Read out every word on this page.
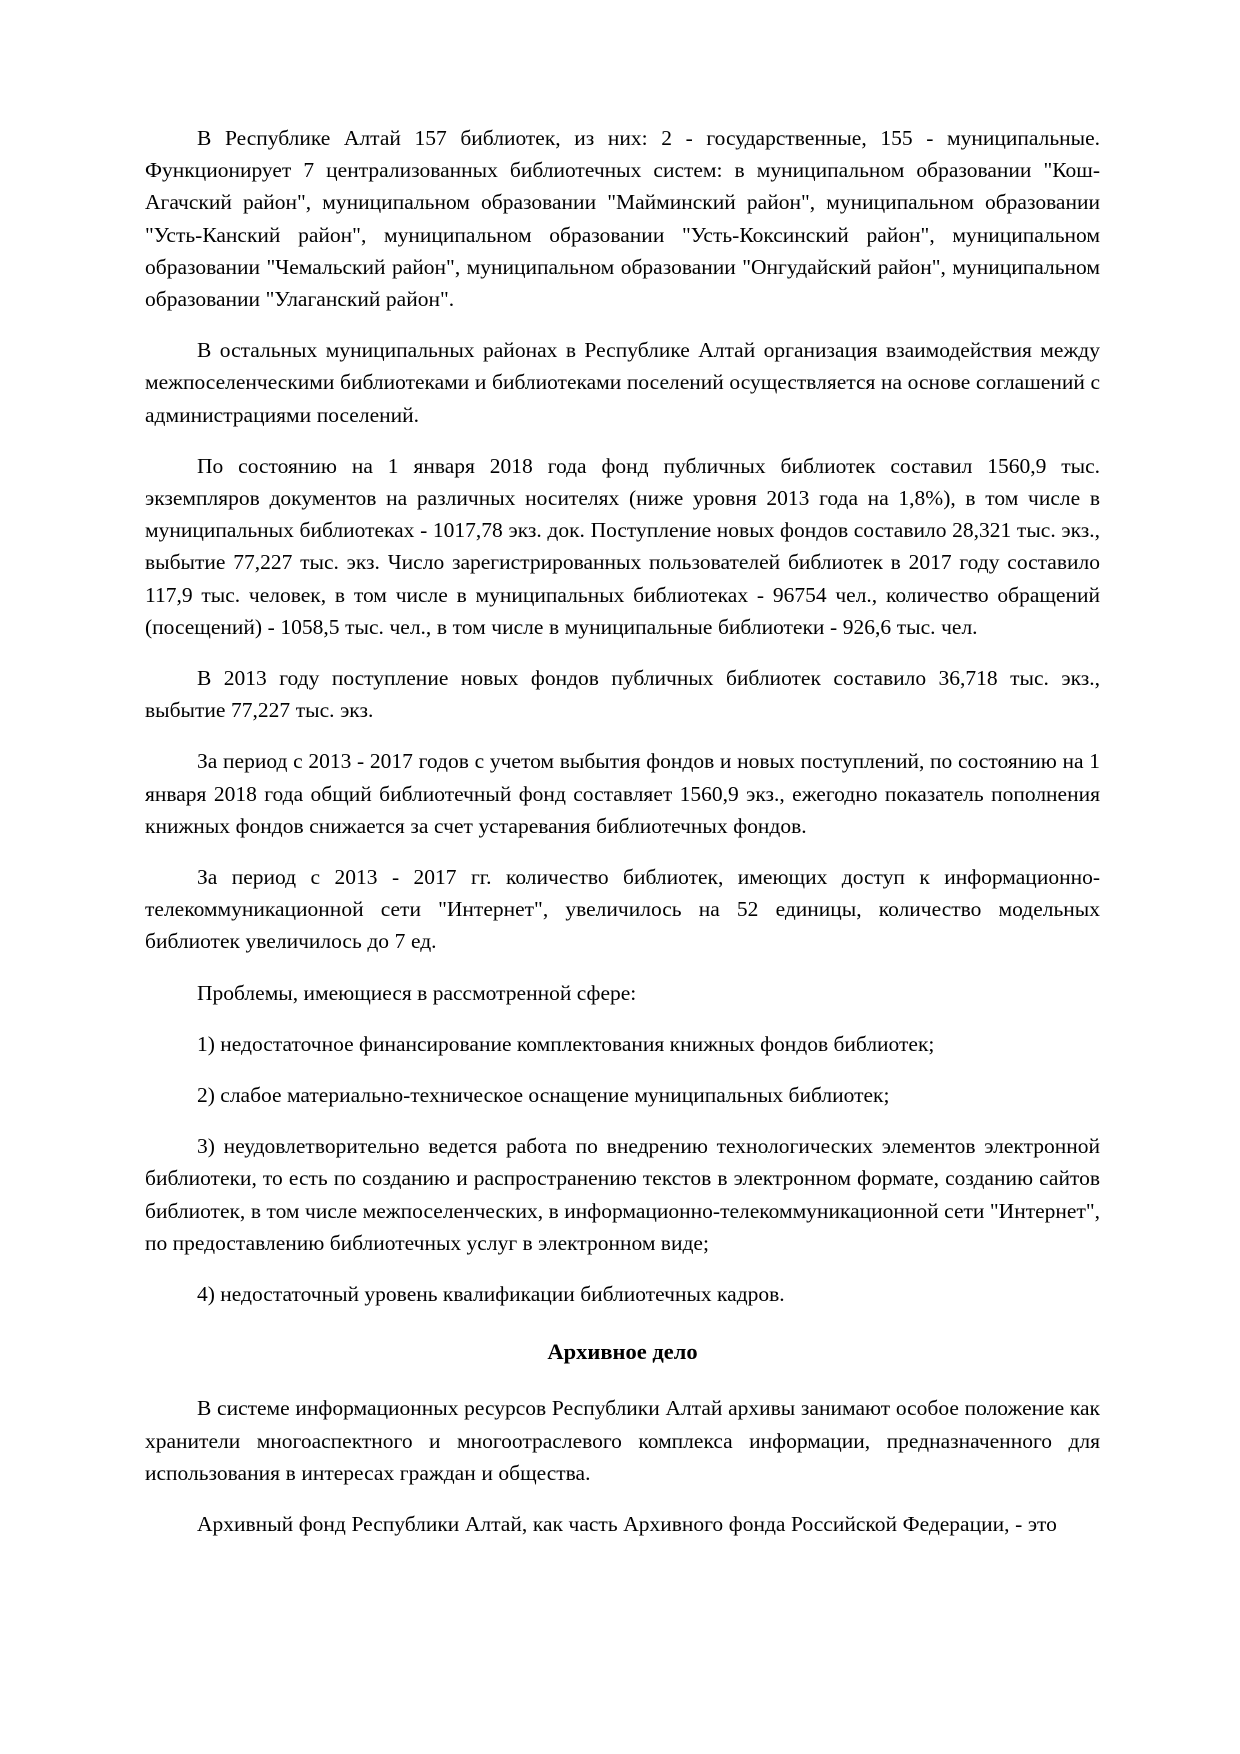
В Республике Алтай 157 библиотек, из них: 2 - государственные, 155 - муниципальные. Функционирует 7 централизованных библиотечных систем: в муниципальном образовании "Кош-Агачский район", муниципальном образовании "Майминский район", муниципальном образовании "Усть-Канский район", муниципальном образовании "Усть-Коксинский район", муниципальном образовании "Чемальский район", муниципальном образовании "Онгудайский район", муниципальном образовании "Улаганский район".

В остальных муниципальных районах в Республике Алтай организация взаимодействия между межпоселенческими библиотеками и библиотеками поселений осуществляется на основе соглашений с администрациями поселений.

По состоянию на 1 января 2018 года фонд публичных библиотек составил 1560,9 тыс. экземпляров документов на различных носителях (ниже уровня 2013 года на 1,8%), в том числе в муниципальных библиотеках - 1017,78 экз. док. Поступление новых фондов составило 28,321 тыс. экз., выбытие 77,227 тыс. экз. Число зарегистрированных пользователей библиотек в 2017 году составило 117,9 тыс. человек, в том числе в муниципальных библиотеках - 96754 чел., количество обращений (посещений) - 1058,5 тыс. чел., в том числе в муниципальные библиотеки - 926,6 тыс. чел.

В 2013 году поступление новых фондов публичных библиотек составило 36,718 тыс. экз., выбытие 77,227 тыс. экз.

За период с 2013 - 2017 годов с учетом выбытия фондов и новых поступлений, по состоянию на 1 января 2018 года общий библиотечный фонд составляет 1560,9 экз., ежегодно показатель пополнения книжных фондов снижается за счет устаревания библиотечных фондов.

За период с 2013 - 2017 гг. количество библиотек, имеющих доступ к информационно-телекоммуникационной сети "Интернет", увеличилось на 52 единицы, количество модельных библиотек увеличилось до 7 ед.

Проблемы, имеющиеся в рассмотренной сфере:

1) недостаточное финансирование комплектования книжных фондов библиотек;

2) слабое материально-техническое оснащение муниципальных библиотек;

3) неудовлетворительно ведется работа по внедрению технологических элементов электронной библиотеки, то есть по созданию и распространению текстов в электронном формате, созданию сайтов библиотек, в том числе межпоселенческих, в информационно-телекоммуникационной сети "Интернет", по предоставлению библиотечных услуг в электронном виде;

4) недостаточный уровень квалификации библиотечных кадров.

Архивное дело

В системе информационных ресурсов Республики Алтай архивы занимают особое положение как хранители многоаспектного и многоотраслевого комплекса информации, предназначенного для использования в интересах граждан и общества.

Архивный фонд Республики Алтай, как часть Архивного фонда Российской Федерации, - это
